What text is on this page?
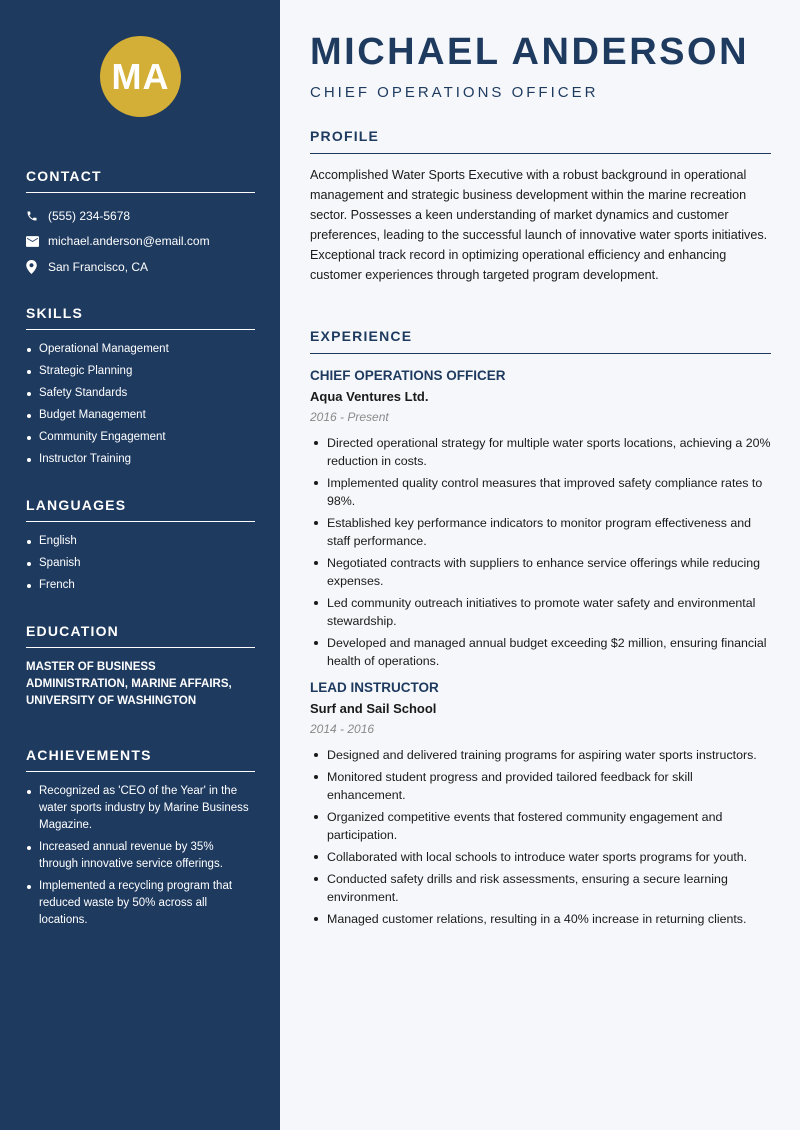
MA
CONTACT
(555) 234-5678
michael.anderson@email.com
San Francisco, CA
SKILLS
Operational Management
Strategic Planning
Safety Standards
Budget Management
Community Engagement
Instructor Training
LANGUAGES
English
Spanish
French
EDUCATION

MASTER OF BUSINESS ADMINISTRATION, MARINE AFFAIRS, UNIVERSITY OF WASHINGTON

ACHIEVEMENTS
Recognized as 'CEO of the Year' in the water sports industry by Marine Business Magazine.
Increased annual revenue by 35% through innovative service offerings.
Implemented a recycling program that reduced waste by 50% across all locations.
MICHAEL ANDERSON
CHIEF OPERATIONS OFFICER
PROFILE

Accomplished Water Sports Executive with a robust background in operational management and strategic business development within the marine recreation sector. Possesses a keen understanding of market dynamics and customer preferences, leading to the successful launch of innovative water sports initiatives. Exceptional track record in optimizing operational efficiency and enhancing customer experiences through targeted program development.

EXPERIENCE
CHIEF OPERATIONS OFFICER
Aqua Ventures Ltd.
2016 - Present
Directed operational strategy for multiple water sports locations, achieving a 20% reduction in costs.
Implemented quality control measures that improved safety compliance rates to 98%.
Established key performance indicators to monitor program effectiveness and staff performance.
Negotiated contracts with suppliers to enhance service offerings while reducing expenses.
Led community outreach initiatives to promote water safety and environmental stewardship.
Developed and managed annual budget exceeding $2 million, ensuring financial health of operations.
LEAD INSTRUCTOR
Surf and Sail School
2014 - 2016
Designed and delivered training programs for aspiring water sports instructors.
Monitored student progress and provided tailored feedback for skill enhancement.
Organized competitive events that fostered community engagement and participation.
Collaborated with local schools to introduce water sports programs for youth.
Conducted safety drills and risk assessments, ensuring a secure learning environment.
Managed customer relations, resulting in a 40% increase in returning clients.
